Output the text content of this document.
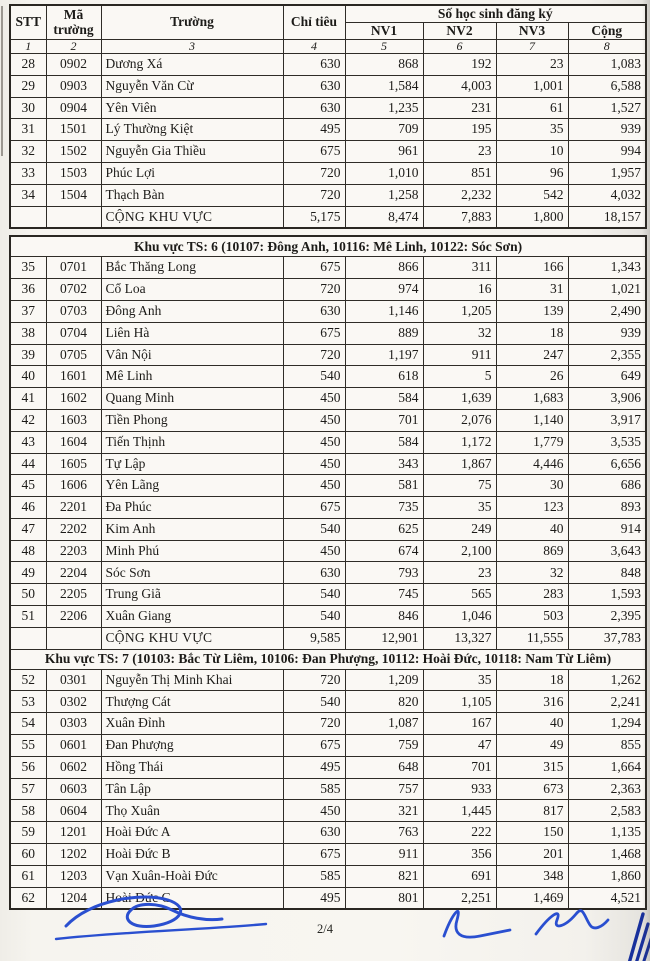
STT	Mã trường	Trường	Chỉ tiêu	Số học sinh đăng ký			
				NV1	NV2	NV3	Cộng
1	2	3	4	5	6	7	8
28	0902	Dương Xá	630	868	192	23	1,083
29	0903	Nguyễn Văn Cừ	630	1,584	4,003	1,001	6,588
30	0904	Yên Viên	630	1,235	231	61	1,527
31	1501	Lý Thường Kiệt	495	709	195	35	939
32	1502	Nguyễn Gia Thiều	675	961	23	10	994
33	1503	Phúc Lợi	720	1,010	851	96	1,957
34	1504	Thạch Bàn	720	1,258	2,232	542	4,032
		CỘNG KHU VỰC	5,175	8,474	7,883	1,800	18,157
Khu vực TS: 6 (10107: Đông Anh, 10116: Mê Linh, 10122: Sóc Sơn)							
35	0701	Bắc Thăng Long	675	866	311	166	1,343
36	0702	Cổ Loa	720	974	16	31	1,021
37	0703	Đông Anh	630	1,146	1,205	139	2,490
38	0704	Liên Hà	675	889	32	18	939
39	0705	Vân Nội	720	1,197	911	247	2,355
40	1601	Mê Linh	540	618	5	26	649
41	1602	Quang Minh	450	584	1,639	1,683	3,906
42	1603	Tiền Phong	450	701	2,076	1,140	3,917
43	1604	Tiến Thịnh	450	584	1,172	1,779	3,535
44	1605	Tự Lập	450	343	1,867	4,446	6,656
45	1606	Yên Lãng	450	581	75	30	686
46	2201	Đa Phúc	675	735	35	123	893
47	2202	Kim Anh	540	625	249	40	914
48	2203	Minh Phú	450	674	2,100	869	3,643
49	2204	Sóc Sơn	630	793	23	32	848
50	2205	Trung Giã	540	745	565	283	1,593
51	2206	Xuân Giang	540	846	1,046	503	2,395
		CỘNG KHU VỰC	9,585	12,901	13,327	11,555	37,783
Khu vực TS: 7 (10103: Bắc Từ Liêm, 10106: Đan Phượng, 10112: Hoài Đức, 10118: Nam Từ Liêm)							
52	0301	Nguyễn Thị Minh Khai	720	1,209	35	18	1,262
53	0302	Thượng Cát	540	820	1,105	316	2,241
54	0303	Xuân Đỉnh	720	1,087	167	40	1,294
55	0601	Đan Phượng	675	759	47	49	855
56	0602	Hồng Thái	495	648	701	315	1,664
57	0603	Tân Lập	585	757	933	673	2,363
58	0604	Thọ Xuân	450	321	1,445	817	2,583
59	1201	Hoài Đức A	630	763	222	150	1,135
60	1202	Hoài Đức B	675	911	356	201	1,468
61	1203	Vạn Xuân-Hoài Đức	585	821	691	348	1,860
62	1204	Hoài Đức C	495	801	2,251	1,469	4,521
2/4
